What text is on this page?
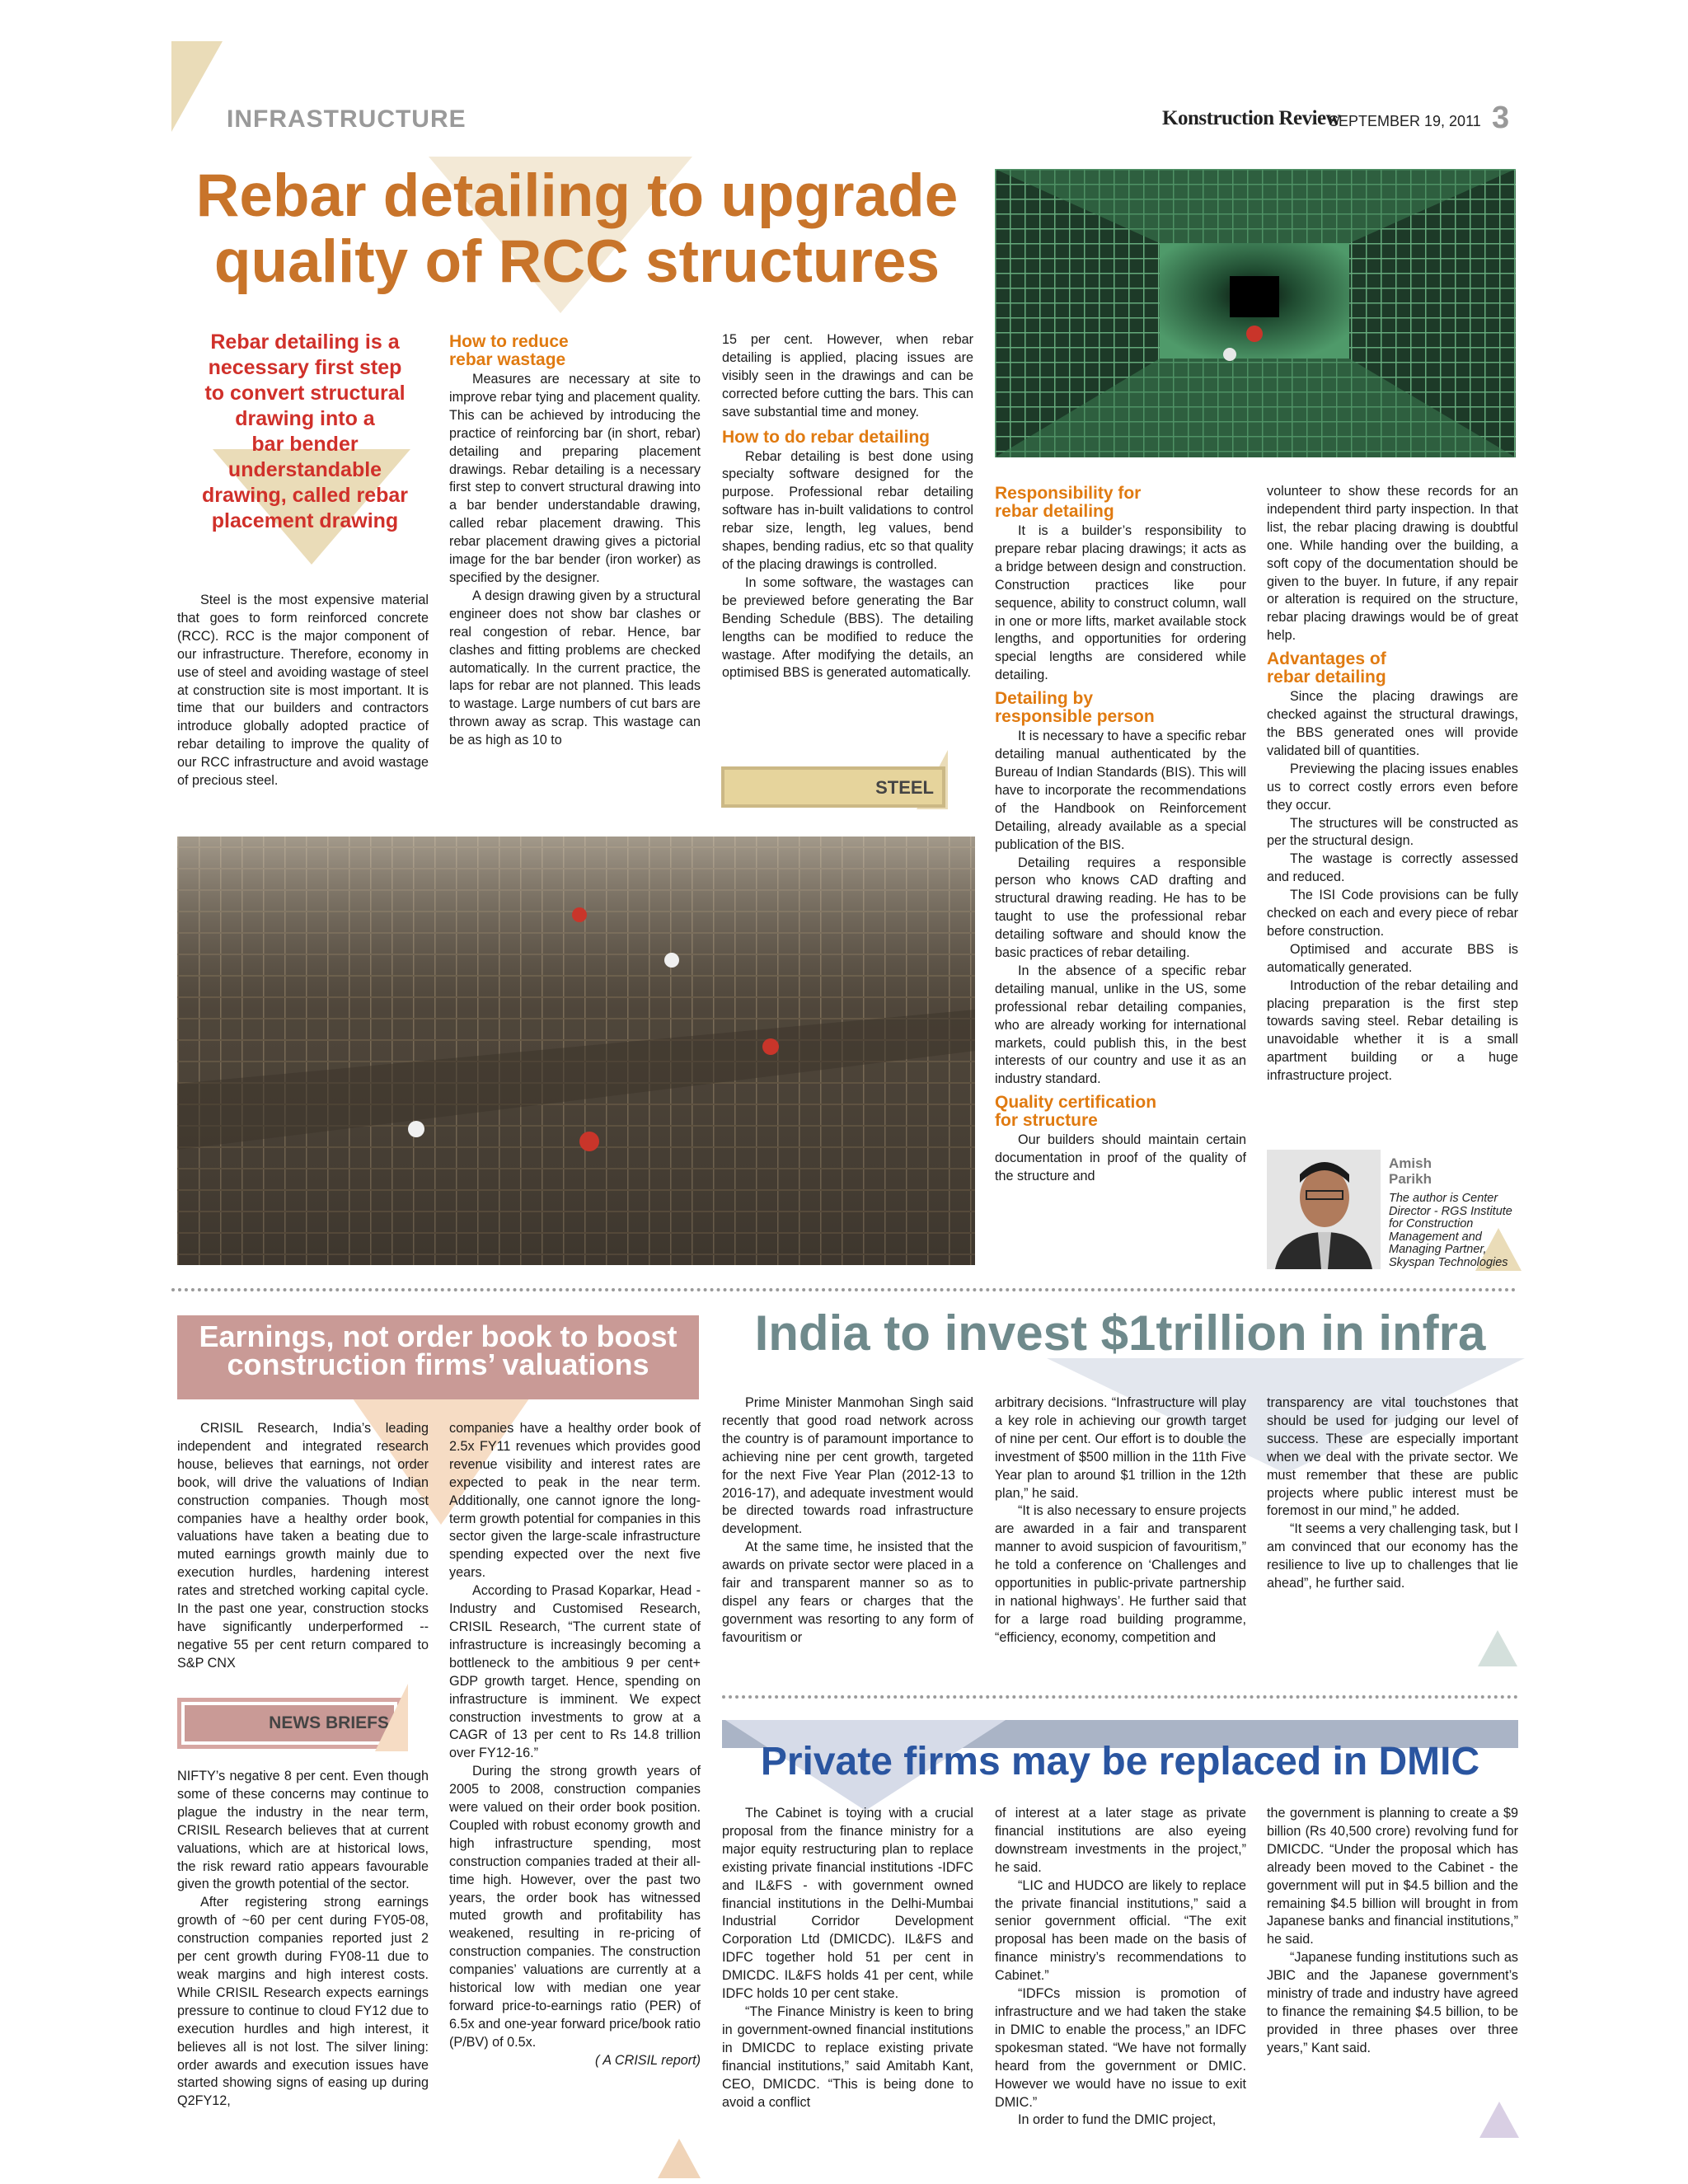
INFRASTRUCTURE	Konstruction Review
SEPTEMBER 19, 2011 3
Rebar detailing to upgrade
quality of RCC structures
Rebar detailing is a
necessary first step
to convert structural
drawing into a
bar bender
understandable
drawing, called rebar
placement drawing

Steel is the most expensive material that goes to form reinforced concrete (RCC). RCC is the major component of our infrastructure. Therefore, economy in use of steel and avoiding wastage of steel at construction site is most important. It is time that our builders and contractors introduce globally adopted practice of rebar detailing to improve the quality of our RCC infrastructure and avoid wastage of precious steel.

How to reduce
rebar wastage

Measures are necessary at site to improve rebar tying and placement quality. This can be achieved by introducing the practice of reinforcing bar (in short, rebar) detailing and preparing placement drawings. Rebar detailing is a necessary first step to convert structural drawing into a bar bender understandable drawing, called rebar placement drawing. This rebar placement drawing gives a pictorial image for the bar bender (iron worker) as specified by the designer.

A design drawing given by a structural engineer does not show bar clashes or real congestion of rebar. Hence, bar clashes and fitting problems are checked automatically. In the current practice, the laps for rebar are not planned. This leads to wastage. Large numbers of cut bars are thrown away as scrap. This wastage can be as high as 10 to

15 per cent. However, when rebar detailing is applied, placing issues are visibly seen in the drawings and can be corrected before cutting the bars. This can save substantial time and money.

How to do rebar detailing

Rebar detailing is best done using specialty software designed for the purpose. Professional rebar detailing software has in-built validations to control rebar size, length, leg values, bend shapes, bending radius, etc so that quality of the placing drawings is controlled.

In some software, the wastages can be previewed before generating the Bar Bending Schedule (BBS). The detailing lengths can be modified to reduce the wastage. After modifying the details, an optimised BBS is generated automatically.

STEEL
Responsibility for
rebar detailing

It is a builder’s responsibility to prepare rebar placing drawings; it acts as a bridge between design and construction. Construction practices like pour sequence, ability to construct column, wall in one or more lifts, market available stock lengths, and opportunities for ordering special lengths are considered while detailing.

Detailing by
responsible person

It is necessary to have a specific rebar detailing manual authenticated by the Bureau of Indian Standards (BIS). This will have to incorporate the recommendations of the Handbook on Reinforcement Detailing, already available as a special publication of the BIS.

Detailing requires a responsible person who knows CAD drafting and structural drawing reading. He has to be taught to use the professional rebar detailing software and should know the basic practices of rebar detailing.

In the absence of a specific rebar detailing manual, unlike in the US, some professional rebar detailing companies, who are already working for international markets, could publish this, in the best interests of our country and use it as an industry standard.

Quality certification
for structure

Our builders should maintain certain documentation in proof of the quality of the structure and

volunteer to show these records for an independent third party inspection. In that list, the rebar placing drawing is doubtful one. While handing over the building, a soft copy of the documentation should be given to the buyer. In future, if any repair or alteration is required on the structure, rebar placing drawings would be of great help.

Advantages of
rebar detailing

Since the placing drawings are checked against the structural drawings, the BBS generated ones will provide validated bill of quantities.

Previewing the placing issues enables us to correct costly errors even before they occur.

The structures will be constructed as per the structural design.

The wastage is correctly assessed and reduced.

The ISI Code provisions can be fully checked on each and every piece of rebar before construction.

Optimised and accurate BBS is automatically generated.

Introduction of the rebar detailing and placing preparation is the first step towards saving steel. Rebar detailing is unavoidable whether it is a small apartment building or a huge infrastructure project.

Amish
Parikh
The author is Center
Director - RGS Institute
for Construction
Management and
Managing Partner,
Skyspan Technologies
Earnings, not order book to boost
construction firms’ valuations

CRISIL Research, India’s leading independent and integrated research house, believes that earnings, not order book, will drive the valuations of Indian construction companies. Though most companies have a healthy order book, valuations have taken a beating due to muted earnings growth mainly due to execution hurdles, hardening interest rates and stretched working capital cycle. In the past one year, construction stocks have significantly underperformed -- negative 55 per cent return compared to S&P CNX

NEWS BRIEFS

NIFTY’s negative 8 per cent. Even though some of these concerns may continue to plague the industry in the near term, CRISIL Research believes that at current valuations, which are at historical lows, the risk reward ratio appears favourable given the growth potential of the sector.

After registering strong earnings growth of ~60 per cent during FY05-08, construction companies reported just 2 per cent growth during FY08-11 due to weak margins and high interest costs. While CRISIL Research expects earnings pressure to continue to cloud FY12 due to execution hurdles and high interest, it believes all is not lost. The silver lining: order awards and execution issues have started showing signs of easing up during Q2FY12,

companies have a healthy order book of 2.5x FY11 revenues which provides good revenue visibility and interest rates are expected to peak in the near term. Additionally, one cannot ignore the long-term growth potential for companies in this sector given the large-scale infrastructure spending expected over the next five years.

According to Prasad Koparkar, Head - Industry and Customised Research, CRISIL Research, “The current state of infrastructure is increasingly becoming a bottleneck to the ambitious 9 per cent+ GDP growth target. Hence, spending on infrastructure is imminent. We expect construction investments to grow at a CAGR of 13 per cent to Rs 14.8 trillion over FY12-16.”

During the strong growth years of 2005 to 2008, construction companies were valued on their order book position. Coupled with robust economy growth and high infrastructure spending, most construction companies traded at their all-time high. However, over the past two years, the order book has witnessed muted growth and profitability has weakened, resulting in re-pricing of construction companies. The construction companies’ valuations are currently at a historical low with median one year forward price-to-earnings ratio (PER) of 6.5x and one-year forward price/book ratio (P/BV) of 0.5x.

( A CRISIL report)
India to invest $1trillion in infra

Prime Minister Manmohan Singh said recently that good road network across the country is of paramount importance to achieving nine per cent growth, targeted for the next Five Year Plan (2012-13 to 2016-17), and adequate investment would be directed towards road infrastructure development.

At the same time, he insisted that the awards on private sector were placed in a fair and transparent manner so as to dispel any fears or charges that the government was resorting to any form of favouritism or

arbitrary decisions. “Infrastructure will play a key role in achieving our growth target of nine per cent. Our effort is to double the investment of $500 million in the 11th Five Year plan to around $1 trillion in the 12th plan,” he said.

“It is also necessary to ensure projects are awarded in a fair and transparent manner to avoid suspicion of favouritism,” he told a conference on ‘Challenges and opportunities in public-private partnership in national highways’. He further said that for a large road building programme, “efficiency, economy, competition and

transparency are vital touchstones that should be used for judging our level of success. These are especially important when we deal with the private sector. We must remember that these are public projects where public interest must be foremost in our mind,” he added.

“It seems a very challenging task, but I am convinced that our economy has the resilience to live up to challenges that lie ahead”, he further said.

Private firms may be replaced in DMIC

The Cabinet is toying with a crucial proposal from the finance ministry for a major equity restructuring plan to replace existing private financial institutions -IDFC and IL&FS - with government owned financial institutions in the Delhi-Mumbai Industrial Corridor Development Corporation Ltd (DMICDC). IL&FS and IDFC together hold 51 per cent in DMICDC. IL&FS holds 41 per cent, while IDFC holds 10 per cent stake.

“The Finance Ministry is keen to bring in government-owned financial institutions in DMICDC to replace existing private financial institutions,” said Amitabh Kant, CEO, DMICDC. “This is being done to avoid a conflict

of interest at a later stage as private financial institutions are also eyeing downstream investments in the project,” he said.

“LIC and HUDCO are likely to replace the private financial institutions,” said a senior government official. “The exit proposal has been made on the basis of finance ministry’s recommendations to Cabinet.”

“IDFCs mission is promotion of infrastructure and we had taken the stake in DMIC to enable the process,” an IDFC spokesman stated. “We have not formally heard from the government or DMIC. However we would have no issue to exit DMIC.”

In order to fund the DMIC project,

the government is planning to create a $9 billion (Rs 40,500 crore) revolving fund for DMICDC. “Under the proposal which has already been moved to the Cabinet - the government will put in $4.5 billion and the remaining $4.5 billion will brought in from Japanese banks and financial institutions,” he said.

“Japanese funding institutions such as JBIC and the Japanese government’s ministry of trade and industry have agreed to finance the remaining $4.5 billion, to be provided in three phases over three years,” Kant said.
